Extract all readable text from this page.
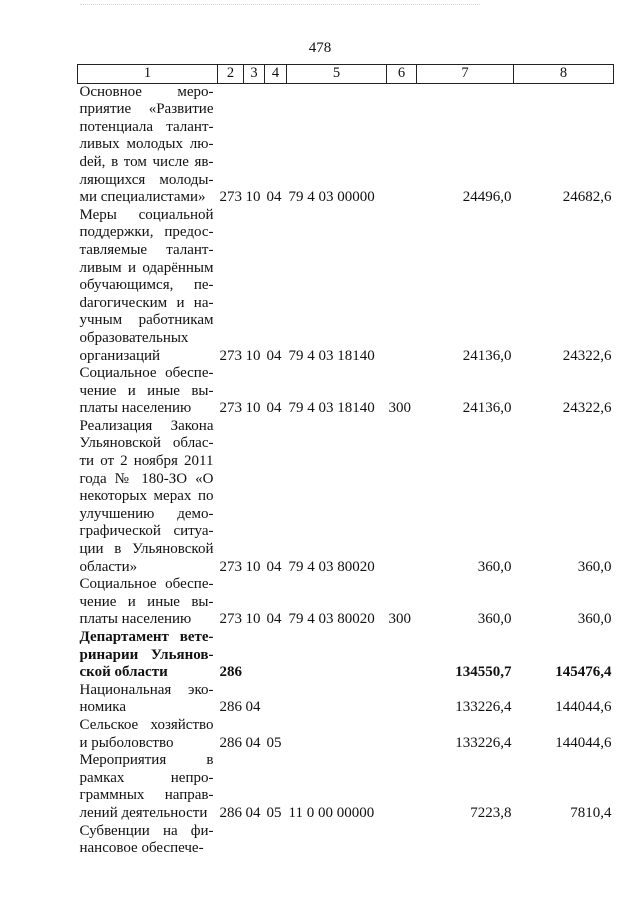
478
1	2	3	4	5	6	7	8
Основное мероприятие «Развитие потенциала талантливых молодых люdей, в том числе являющихся молодыми специалистами»	273	10	04	79 4 03 00000		24496,0	24682,6
Меры социальной поддержки, предоставляемые талантливым и одарённым обучающимся, пеdагогическим и научным работникам образовательных организаций	273	10	04	79 4 03 18140		24136,0	24322,6
Социальное обеспечение и иные выплаты населению	273	10	04	79 4 03 18140	300	24136,0	24322,6
Реализация Закона Ульяновской области от 2 ноября 2011 года № 180-ЗО «О некоторых мерах по улучшению демографической ситуации в Ульяновской области»	273	10	04	79 4 03 80020		360,0	360,0
Социальное обеспечение и иные выплаты населению	273	10	04	79 4 03 80020	300	360,0	360,0
Департамент ветеринарии Ульяновской области	286					134550,7	145476,4
Национальная экономика	286	04				133226,4	144044,6
Сельское хозяйство и рыболовство	286	04	05			133226,4	144044,6
Мероприятия в рамках непрограммных направлений деятельности	286	04	05	11 0 00 00000		7223,8	7810,4
Субвенции на финансовое обеспече-							
